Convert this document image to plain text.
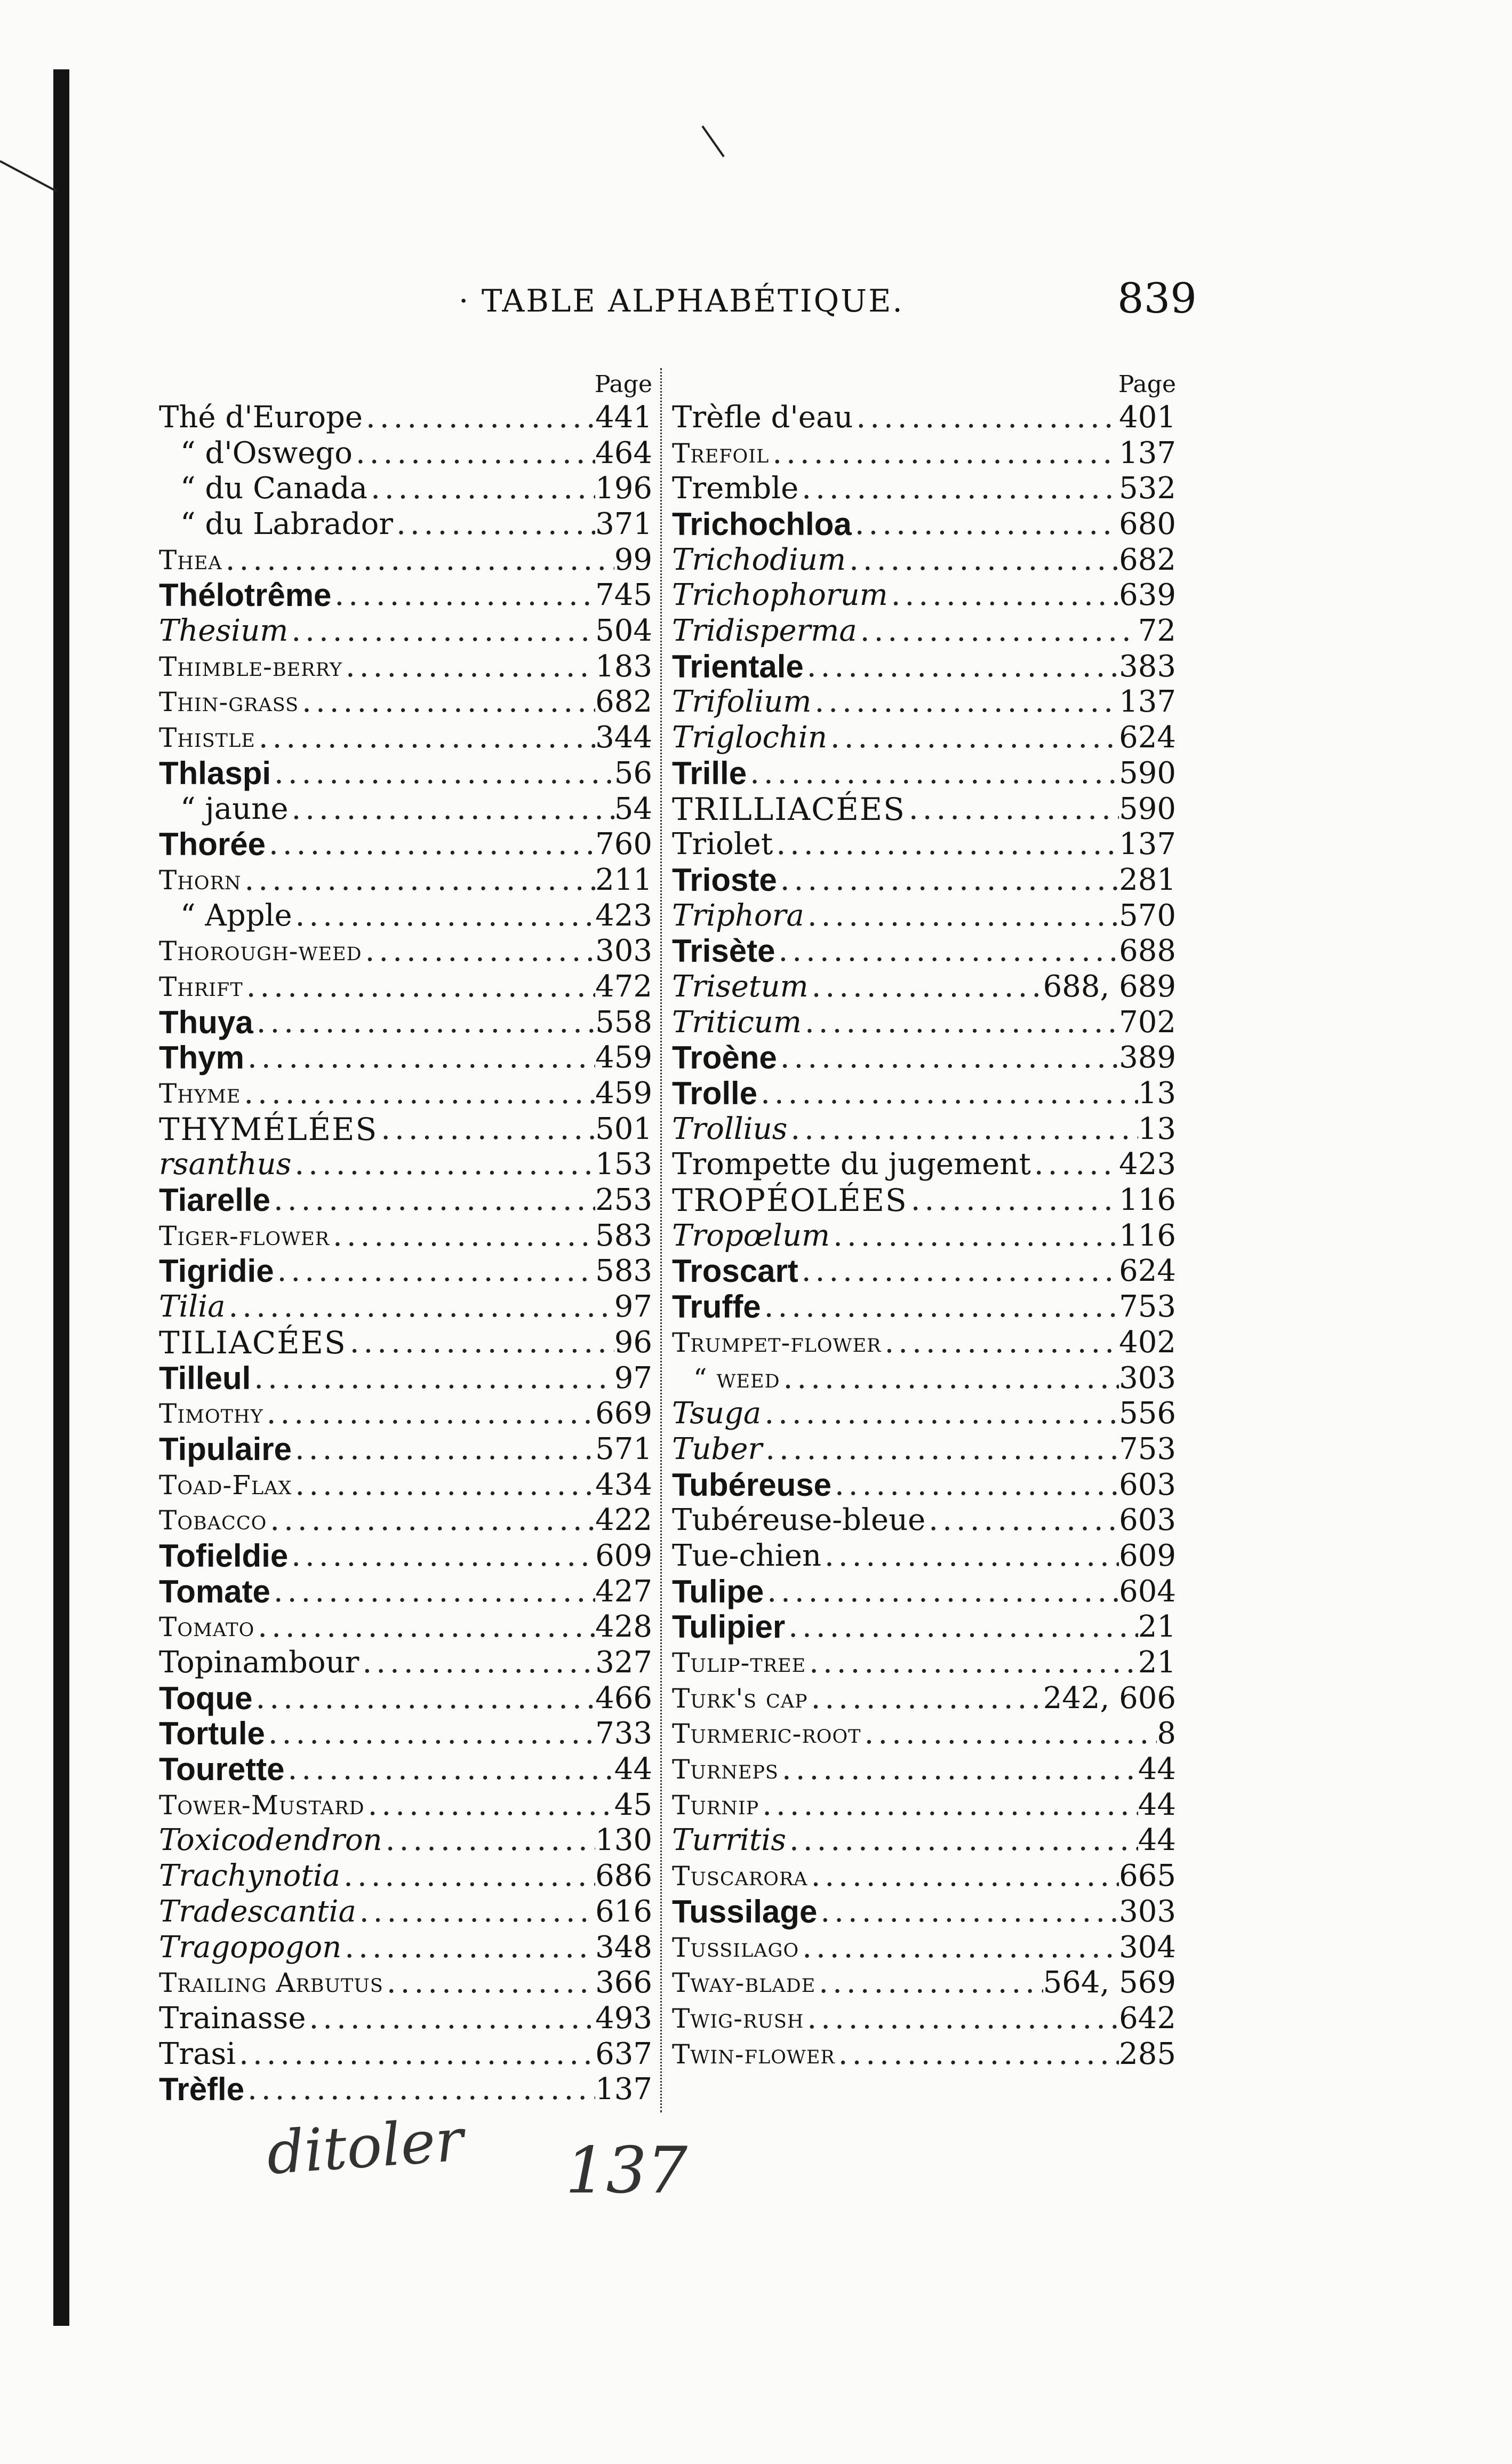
· TABLE ALPHABÉTIQUE.	839
Page
Thé d'Europe .....	441
“ d'Oswego .....	464
“ du Canada .....	196
“ du Labrador .....	371
Thea .....	99
Thélotrême .....	745
Thesium .....	504
Thimble-berry .....	183
Thin-grass .....	682
Thistle .....	344
Thlaspi .....	56
“ jaune .....	54
Thorée .....	760
Thorn .....	211
“ Apple .....	423
Thorough-weed .....	303
Thrift .....	472
Thuya .....	558
Thym .....	459
Thyme .....	459
THYMÉLÉES .....	501
rsanthus .....	153
Tiarelle .....	253
Tiger-flower .....	583
Tigridie .....	583
Tilia .....	97
TILIACÉES .....	96
Tilleul .....	97
Timothy .....	669
Tipulaire .....	571
Toad-Flax .....	434
Tobacco .....	422
Tofieldie .....	609
Tomate .....	427
Tomato .....	428
Topinambour .....	327
Toque .....	466
Tortule .....	733
Tourette .....	44
Tower-Mustard .....	45
Toxicodendron .....	130
Trachynotia .....	686
Tradescantia .....	616
Tragopogon .....	348
Trailing Arbutus .....	366
Trainasse .....	493
Trasi .....	637
Trèfle .....	137
Page
Trèfle d'eau .....	401
Trefoil .....	137
Tremble .....	532
Trichochloa .....	680
Trichodium .....	682
Trichophorum .....	639
Tridisperma .....	72
Trientale .....	383
Trifolium .....	137
Triglochin .....	624
Trille .....	590
TRILLIACÉES .....	590
Triolet .....	137
Trioste .....	281
Triphora .....	570
Trisète .....	688
Trisetum .....	688, 689
Triticum .....	702
Troène .....	389
Trolle .....	13
Trollius .....	13
Trompette du jugement .....	423
TROPÉOLÉES .....	116
Tropœlum .....	116
Troscart .....	624
Truffe .....	753
Trumpet-flower .....	402
“ weed .....	303
Tsuga .....	556
Tuber .....	753
Tubéreuse .....	603
Tubéreuse-bleue .....	603
Tue-chien .....	609
Tulipe .....	604
Tulipier .....	21
Tulip-tree .....	21
Turk's cap .....	242, 606
Turmeric-root .....	8
Turneps .....	44
Turnip .....	44
Turritis .....	44
Tuscarora .....	665
Tussilage .....	303
Tussilago .....	304
Tway-blade .....	564, 569
Twig-rush .....	642
Twin-flower .....	285
ditoler 137
